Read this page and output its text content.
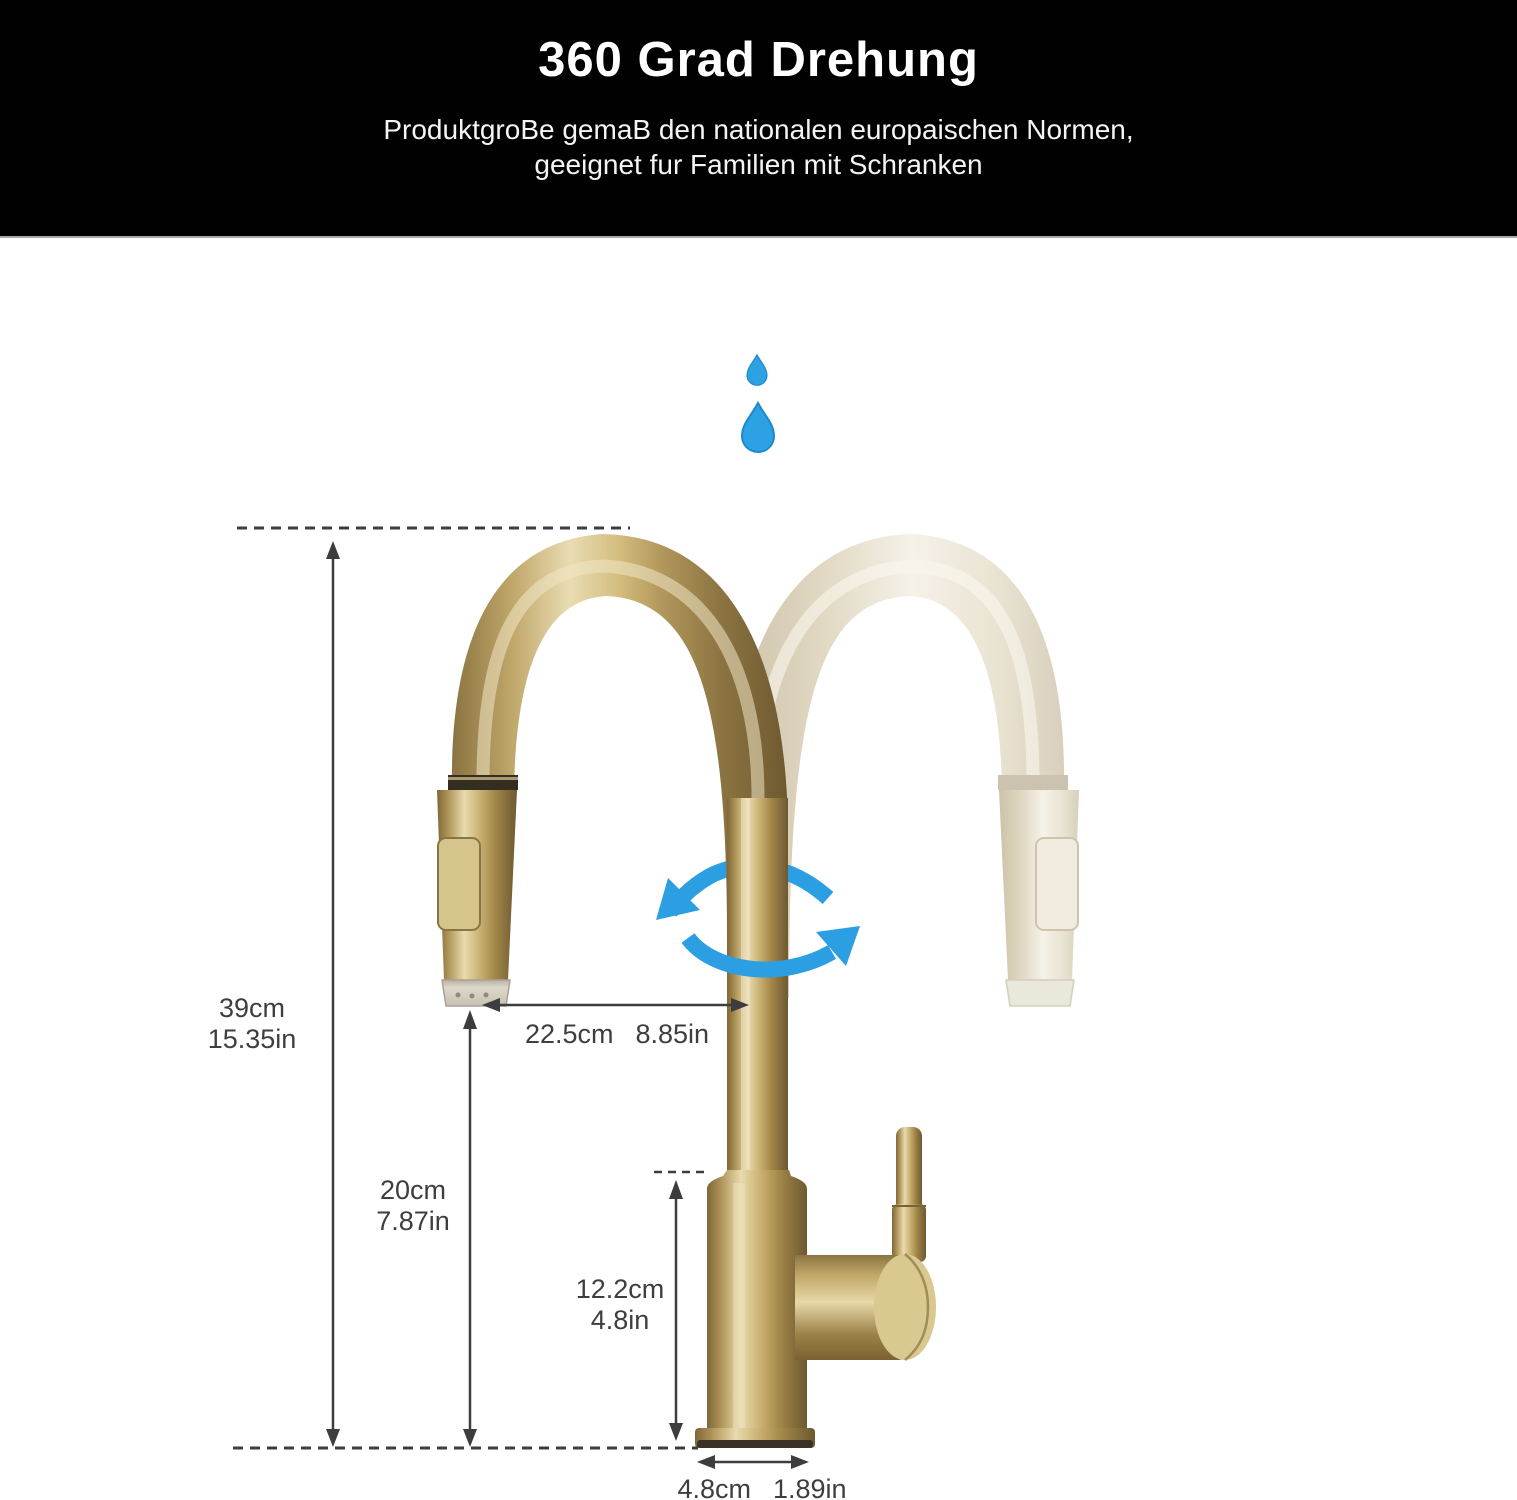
360 Grad Drehung

ProduktgroBe gemaB den nationalen europaischen Normen,

geeignet fur Familien mit Schranken

39cm
15.35in
20cm
7.87in
22.5cm 8.85in
12.2cm
4.8in
4.8cm 1.89in
